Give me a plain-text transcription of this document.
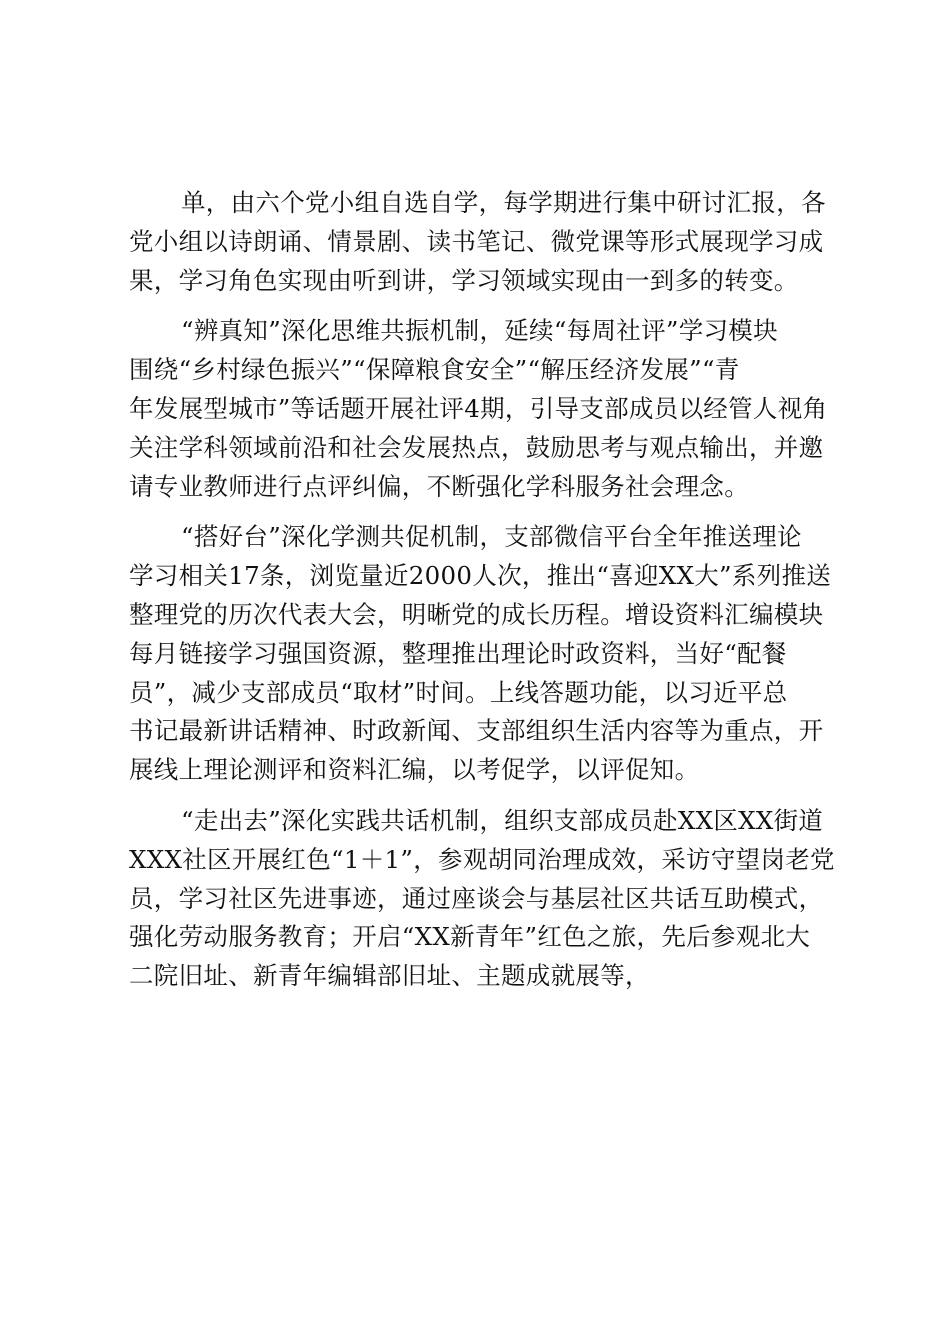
单，由六个党小组自选自学，每学期进行集中研讨汇报，各
党小组以诗朗诵、情景剧、读书笔记、微党课等形式展现学习成
果，学习角色实现由听到讲，学习领域实现由一到多的转变。
“辨真知”深化思维共振机制，延续“每周社评”学习模块
围绕“乡村绿色振兴”“保障粮食安全”“解压经济发展”“青
年发展型城市”等话题开展社评4期，引导支部成员以经管人视角
关注学科领域前沿和社会发展热点，鼓励思考与观点输出，并邀
请专业教师进行点评纠偏，不断强化学科服务社会理念。
“搭好台”深化学测共促机制，支部微信平台全年推送理论
学习相关17条，浏览量近2000人次，推出“喜迎XX大”系列推送
整理党的历次代表大会，明晰党的成长历程。增设资料汇编模块
每月链接学习强国资源，整理推出理论时政资料，当好“配餐
员”，减少支部成员“取材”时间。上线答题功能，以习近平总
书记最新讲话精神、时政新闻、支部组织生活内容等为重点，开
展线上理论测评和资料汇编，以考促学，以评促知。
“走出去”深化实践共话机制，组织支部成员赴XX区XX街道
XXX社区开展红色“1＋1”，参观胡同治理成效，采访守望岗老党
员，学习社区先进事迹，通过座谈会与基层社区共话互助模式，
强化劳动服务教育；开启“XX新青年”红色之旅，先后参观北大
二院旧址、新青年编辑部旧址、主题成就展等，
